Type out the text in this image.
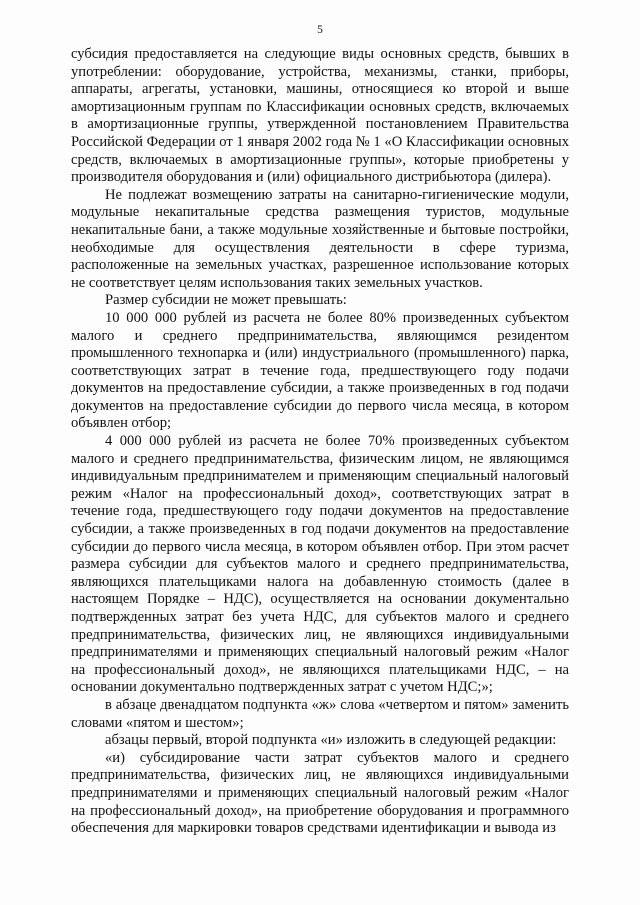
5

субсидия предоставляется на следующие виды основных средств, бывших в употреблении: оборудование, устройства, механизмы, станки, приборы, аппараты, агрегаты, установки, машины, относящиеся ко второй и выше амортизационным группам по Классификации основных средств, включаемых в амортизационные группы, утвержденной постановлением Правительства Российской Федерации от 1 января 2002 года № 1 «О Классификации основных средств, включаемых в амортизационные группы», которые приобретены у производителя оборудования и (или) официального дистрибьютора (дилера).

Не подлежат возмещению затраты на санитарно-гигиенические модули, модульные некапитальные средства размещения туристов, модульные некапитальные бани, а также модульные хозяйственные и бытовые постройки, необходимые для осуществления деятельности в сфере туризма, расположенные на земельных участках, разрешенное использование которых не соответствует целям использования таких земельных участков.

Размер субсидии не может превышать:

10 000 000 рублей из расчета не более 80% произведенных субъектом малого и среднего предпринимательства, являющимся резидентом промышленного технопарка и (или) индустриального (промышленного) парка, соответствующих затрат в течение года, предшествующего году подачи документов на предоставление субсидии, а также произведенных в год подачи документов на предоставление субсидии до первого числа месяца, в котором объявлен отбор;

4 000 000 рублей из расчета не более 70% произведенных субъектом малого и среднего предпринимательства, физическим лицом, не являющимся индивидуальным предпринимателем и применяющим специальный налоговый режим «Налог на профессиональный доход», соответствующих затрат в течение года, предшествующего году подачи документов на предоставление субсидии, а также произведенных в год подачи документов на предоставление субсидии до первого числа месяца, в котором объявлен отбор. При этом расчет размера субсидии для субъектов малого и среднего предпринимательства, являющихся плательщиками налога на добавленную стоимость (далее в настоящем Порядке – НДС), осуществляется на основании документально подтвержденных затрат без учета НДС, для субъектов малого и среднего предпринимательства, физических лиц, не являющихся индивидуальными предпринимателями и применяющих специальный налоговый режим «Налог на профессиональный доход», не являющихся плательщиками НДС, – на основании документально подтвержденных затрат с учетом НДС;»;

в абзаце двенадцатом подпункта «ж» слова «четвертом и пятом» заменить словами «пятом и шестом»;

абзацы первый, второй подпункта «и» изложить в следующей редакции:

«и) субсидирование части затрат субъектов малого и среднего предпринимательства, физических лиц, не являющихся индивидуальными предпринимателями и применяющих специальный налоговый режим «Налог на профессиональный доход», на приобретение оборудования и программного обеспечения для маркировки товаров средствами идентификации и вывода из
